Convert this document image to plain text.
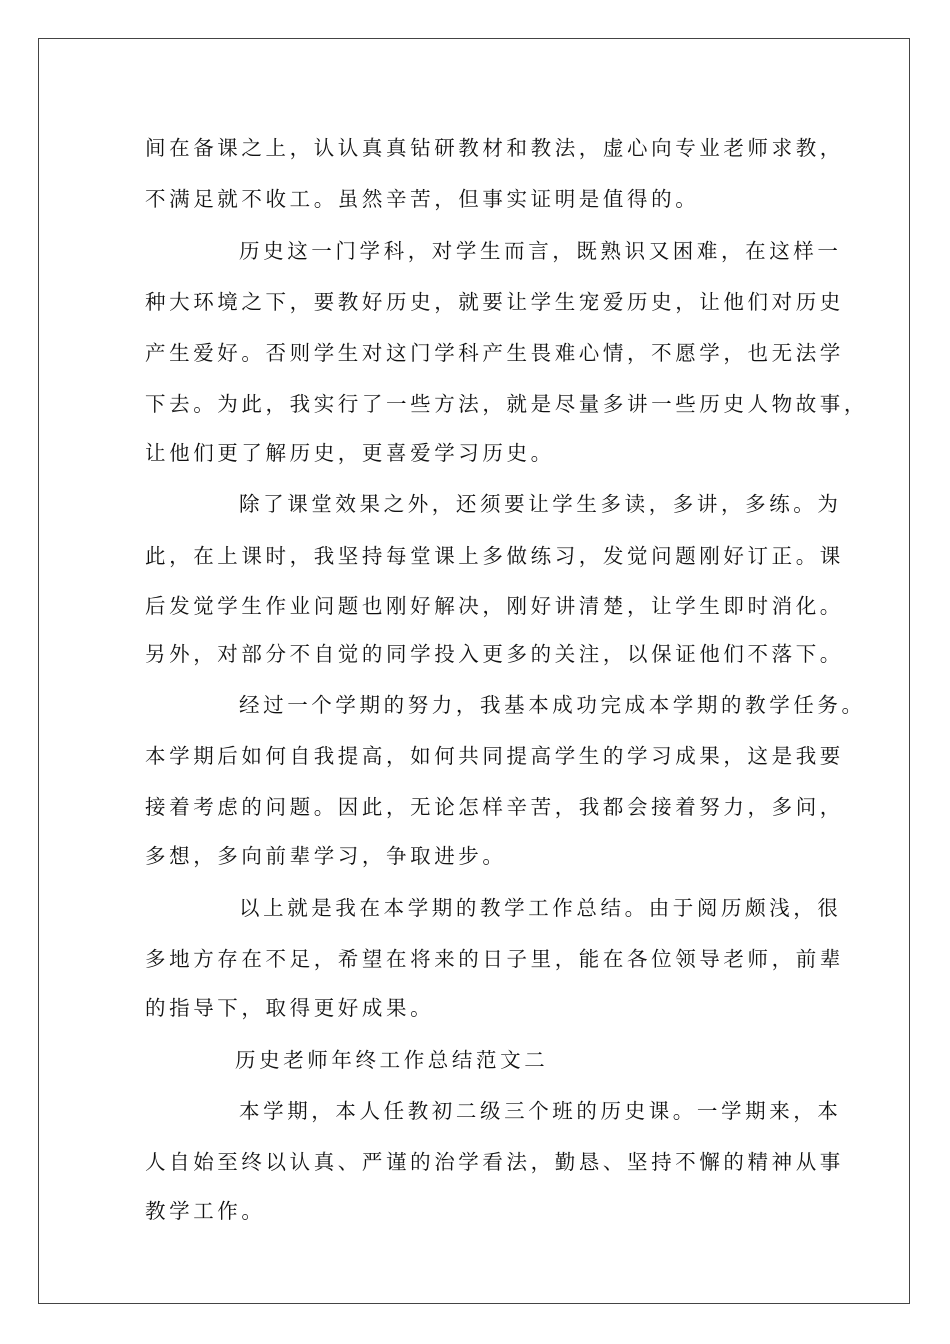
间在备课之上，认认真真钻研教材和教法，虚心向专业老师求教，
不满足就不收工。虽然辛苦，但事实证明是值得的。
历史这一门学科，对学生而言，既熟识又困难，在这样一
种大环境之下，要教好历史，就要让学生宠爱历史，让他们对历史
产生爱好。否则学生对这门学科产生畏难心情，不愿学，也无法学
下去。为此，我实行了一些方法，就是尽量多讲一些历史人物故事，
让他们更了解历史，更喜爱学习历史。
除了课堂效果之外，还须要让学生多读，多讲，多练。为
此，在上课时，我坚持每堂课上多做练习，发觉问题刚好订正。课
后发觉学生作业问题也刚好解决，刚好讲清楚，让学生即时消化。
另外，对部分不自觉的同学投入更多的关注，以保证他们不落下。
经过一个学期的努力，我基本成功完成本学期的教学任务。
本学期后如何自我提高，如何共同提高学生的学习成果，这是我要
接着考虑的问题。因此，无论怎样辛苦，我都会接着努力，多问，
多想，多向前辈学习，争取进步。
以上就是我在本学期的教学工作总结。由于阅历颇浅，很
多地方存在不足，希望在将来的日子里，能在各位领导老师，前辈
的指导下，取得更好成果。
历史老师年终工作总结范文二
本学期，本人任教初二级三个班的历史课。一学期来，本
人自始至终以认真、严谨的治学看法，勤恳、坚持不懈的精神从事
教学工作。
